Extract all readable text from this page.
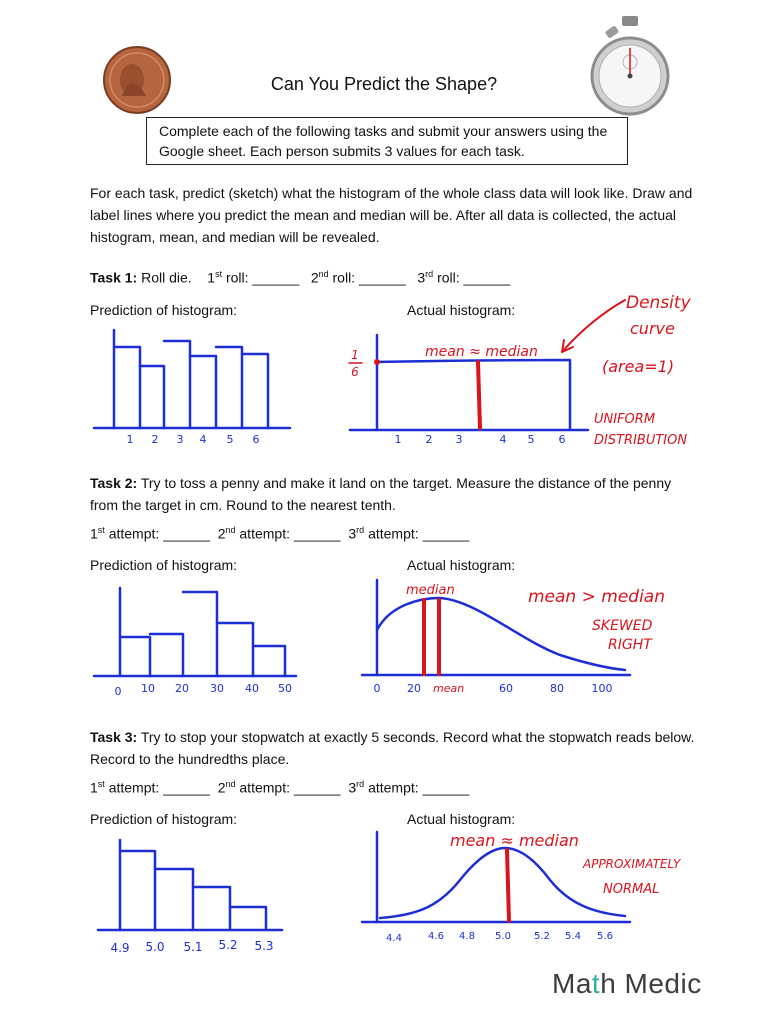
Can You Predict the Shape?
Complete each of the following tasks and submit your answers using the Google sheet. Each person submits 3 values for each task.
For each task, predict (sketch) what the histogram of the whole class data will look like. Draw and label lines where you predict the mean and median will be. After all data is collected, the actual histogram, mean, and median will be revealed.
Task 1: Roll die. 1st roll: ______ 2nd roll: ______ 3rd roll: ______
Prediction of histogram:	Actual histogram:
Task 2: Try to toss a penny and make it land on the target. Measure the distance of the penny from the target in cm. Round to the nearest tenth.
1st attempt: ______ 2nd attempt: ______ 3rd attempt: ______
Prediction of histogram:	Actual histogram:
Task 3: Try to stop your stopwatch at exactly 5 seconds. Record what the stopwatch reads below. Record to the hundredths place.
1st attempt: ______ 2nd attempt: ______ 3rd attempt: ______
Prediction of histogram:	Actual histogram:
1 2 3 4 5 6	1 2 3	4 5 6
1
6
mean ≈ median
Density
curve
(area=1)
UNIFORM
DISTRIBUTION
0 10 20 30 40 50	0 20	60	80	100
median
mean
mean > median
SKEWED
RIGHT
4.9 5.0 5.1 5.2 5.3
4.4	4.6 4.8 5.0 5.2 5.4 5.6
mean ≈ median
APPROXIMATELY
NORMAL
Math Medic
